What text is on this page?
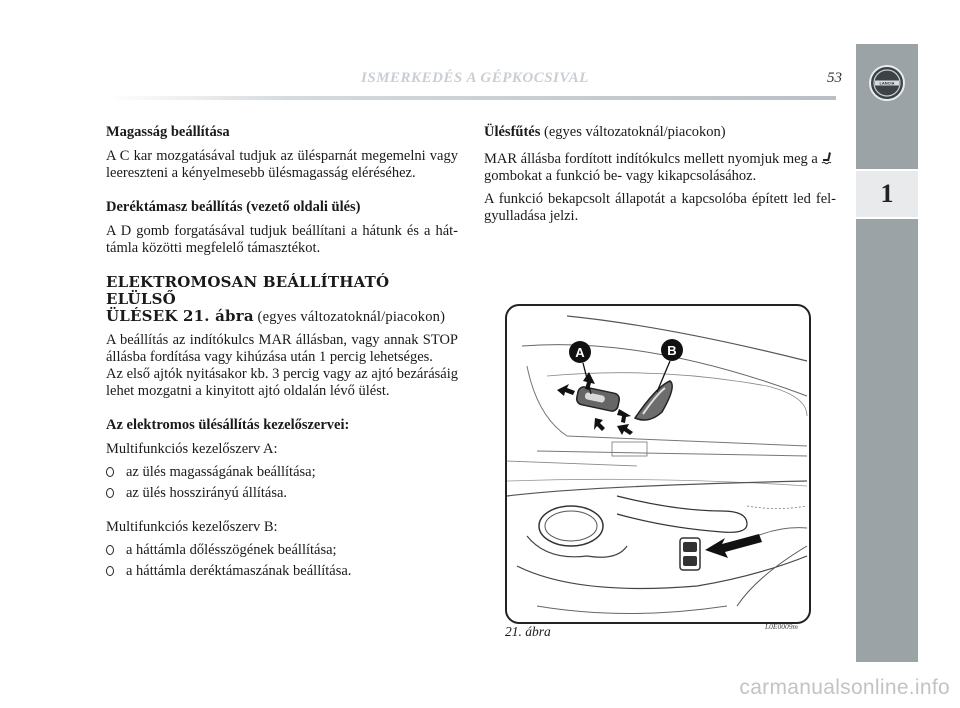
ISMERKEDÉS A GÉPKOCSIVAL	53	LANCIA
1
Magasság beállítása

A C kar mozgatásával tudjuk az ülésparnát megemelni vagy leereszteni a kényelmesebb ülésmagasság eléréséhez.

Deréktámasz beállítás (vezető oldali ülés)

A D gomb forgatásával tudjuk beállítani a hátunk és a hát-támla közötti megfelelő támasztékot.

ELEKTROMOSAN BEÁLLÍTHATÓ ELÜLSŐ
ÜLÉSEK 21. ábra (egyes változatoknál/piacokon)

A beállítás az indítókulcs MAR állásban, vagy annak STOP állásba fordítása vagy kihúzása után 1 percig lehetséges.

Az első ajtók nyitásakor kb. 3 percig vagy az ajtó bezárásáig lehet mozgatni a kinyitott ajtó oldalán lévő ülést.

Az elektromos ülésállítás kezelőszervei:

Multifunkciós kezelőszerv A:

az ülés magasságának beállítása;
az ülés hosszirányú állítása.

Multifunkciós kezelőszerv B:

a háttámla dőlésszögének beállítása;
a háttámla deréktámaszának beállítása.

Ülésfűtés (egyes változatoknál/piacokon)

MAR állásba fordított indítókulcs mellett nyomjuk meg a
gombokat a funkció be- vagy kikapcsolásához.

A funkció bekapcsolt állapotát a kapcsolóba épített led fel-gyulladása jelzi.

A	B
21. ábra	L0E0009m
carmanualsonline.info
